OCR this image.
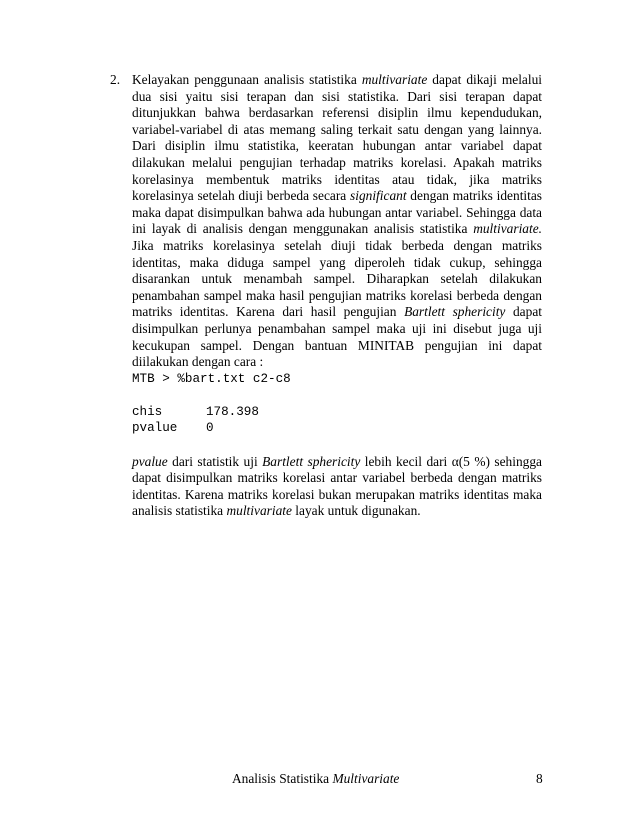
2. Kelayakan penggunaan analisis statistika multivariate dapat dikaji melalui dua sisi yaitu sisi terapan dan sisi statistika. Dari sisi terapan dapat ditunjukkan bahwa berdasarkan referensi disiplin ilmu kependudukan, variabel-variabel di atas memang saling terkait satu dengan yang lainnya. Dari disiplin ilmu statistika, keeratan hubungan antar variabel dapat dilakukan melalui pengujian terhadap matriks korelasi. Apakah matriks korelasinya membentuk matriks identitas atau tidak, jika matriks korelasinya setelah diuji berbeda secara significant dengan matriks identitas maka dapat disimpulkan bahwa ada hubungan antar variabel. Sehingga data ini layak di analisis dengan menggunakan analisis statistika multivariate. Jika matriks korelasinya setelah diuji tidak berbeda dengan matriks identitas, maka diduga sampel yang diperoleh tidak cukup, sehingga disarankan untuk menambah sampel. Diharapkan setelah dilakukan penambahan sampel maka hasil pengujian matriks korelasi berbeda dengan matriks identitas. Karena dari hasil pengujian Bartlett sphericity dapat disimpulkan perlunya penambahan sampel maka uji ini disebut juga uji kecukupan sampel. Dengan bantuan MINITAB pengujian ini dapat diilakukan dengan cara :

MTB > %bart.txt c2-c8
chis	178.398
pvalue	0

pvalue dari statistik uji Bartlett sphericity lebih kecil dari α(5 %) sehingga dapat disimpulkan matriks korelasi antar variabel berbeda dengan matriks identitas. Karena matriks korelasi bukan merupakan matriks identitas maka analisis statistika multivariate layak untuk digunakan.

Analisis Statistika Multivariate	8
